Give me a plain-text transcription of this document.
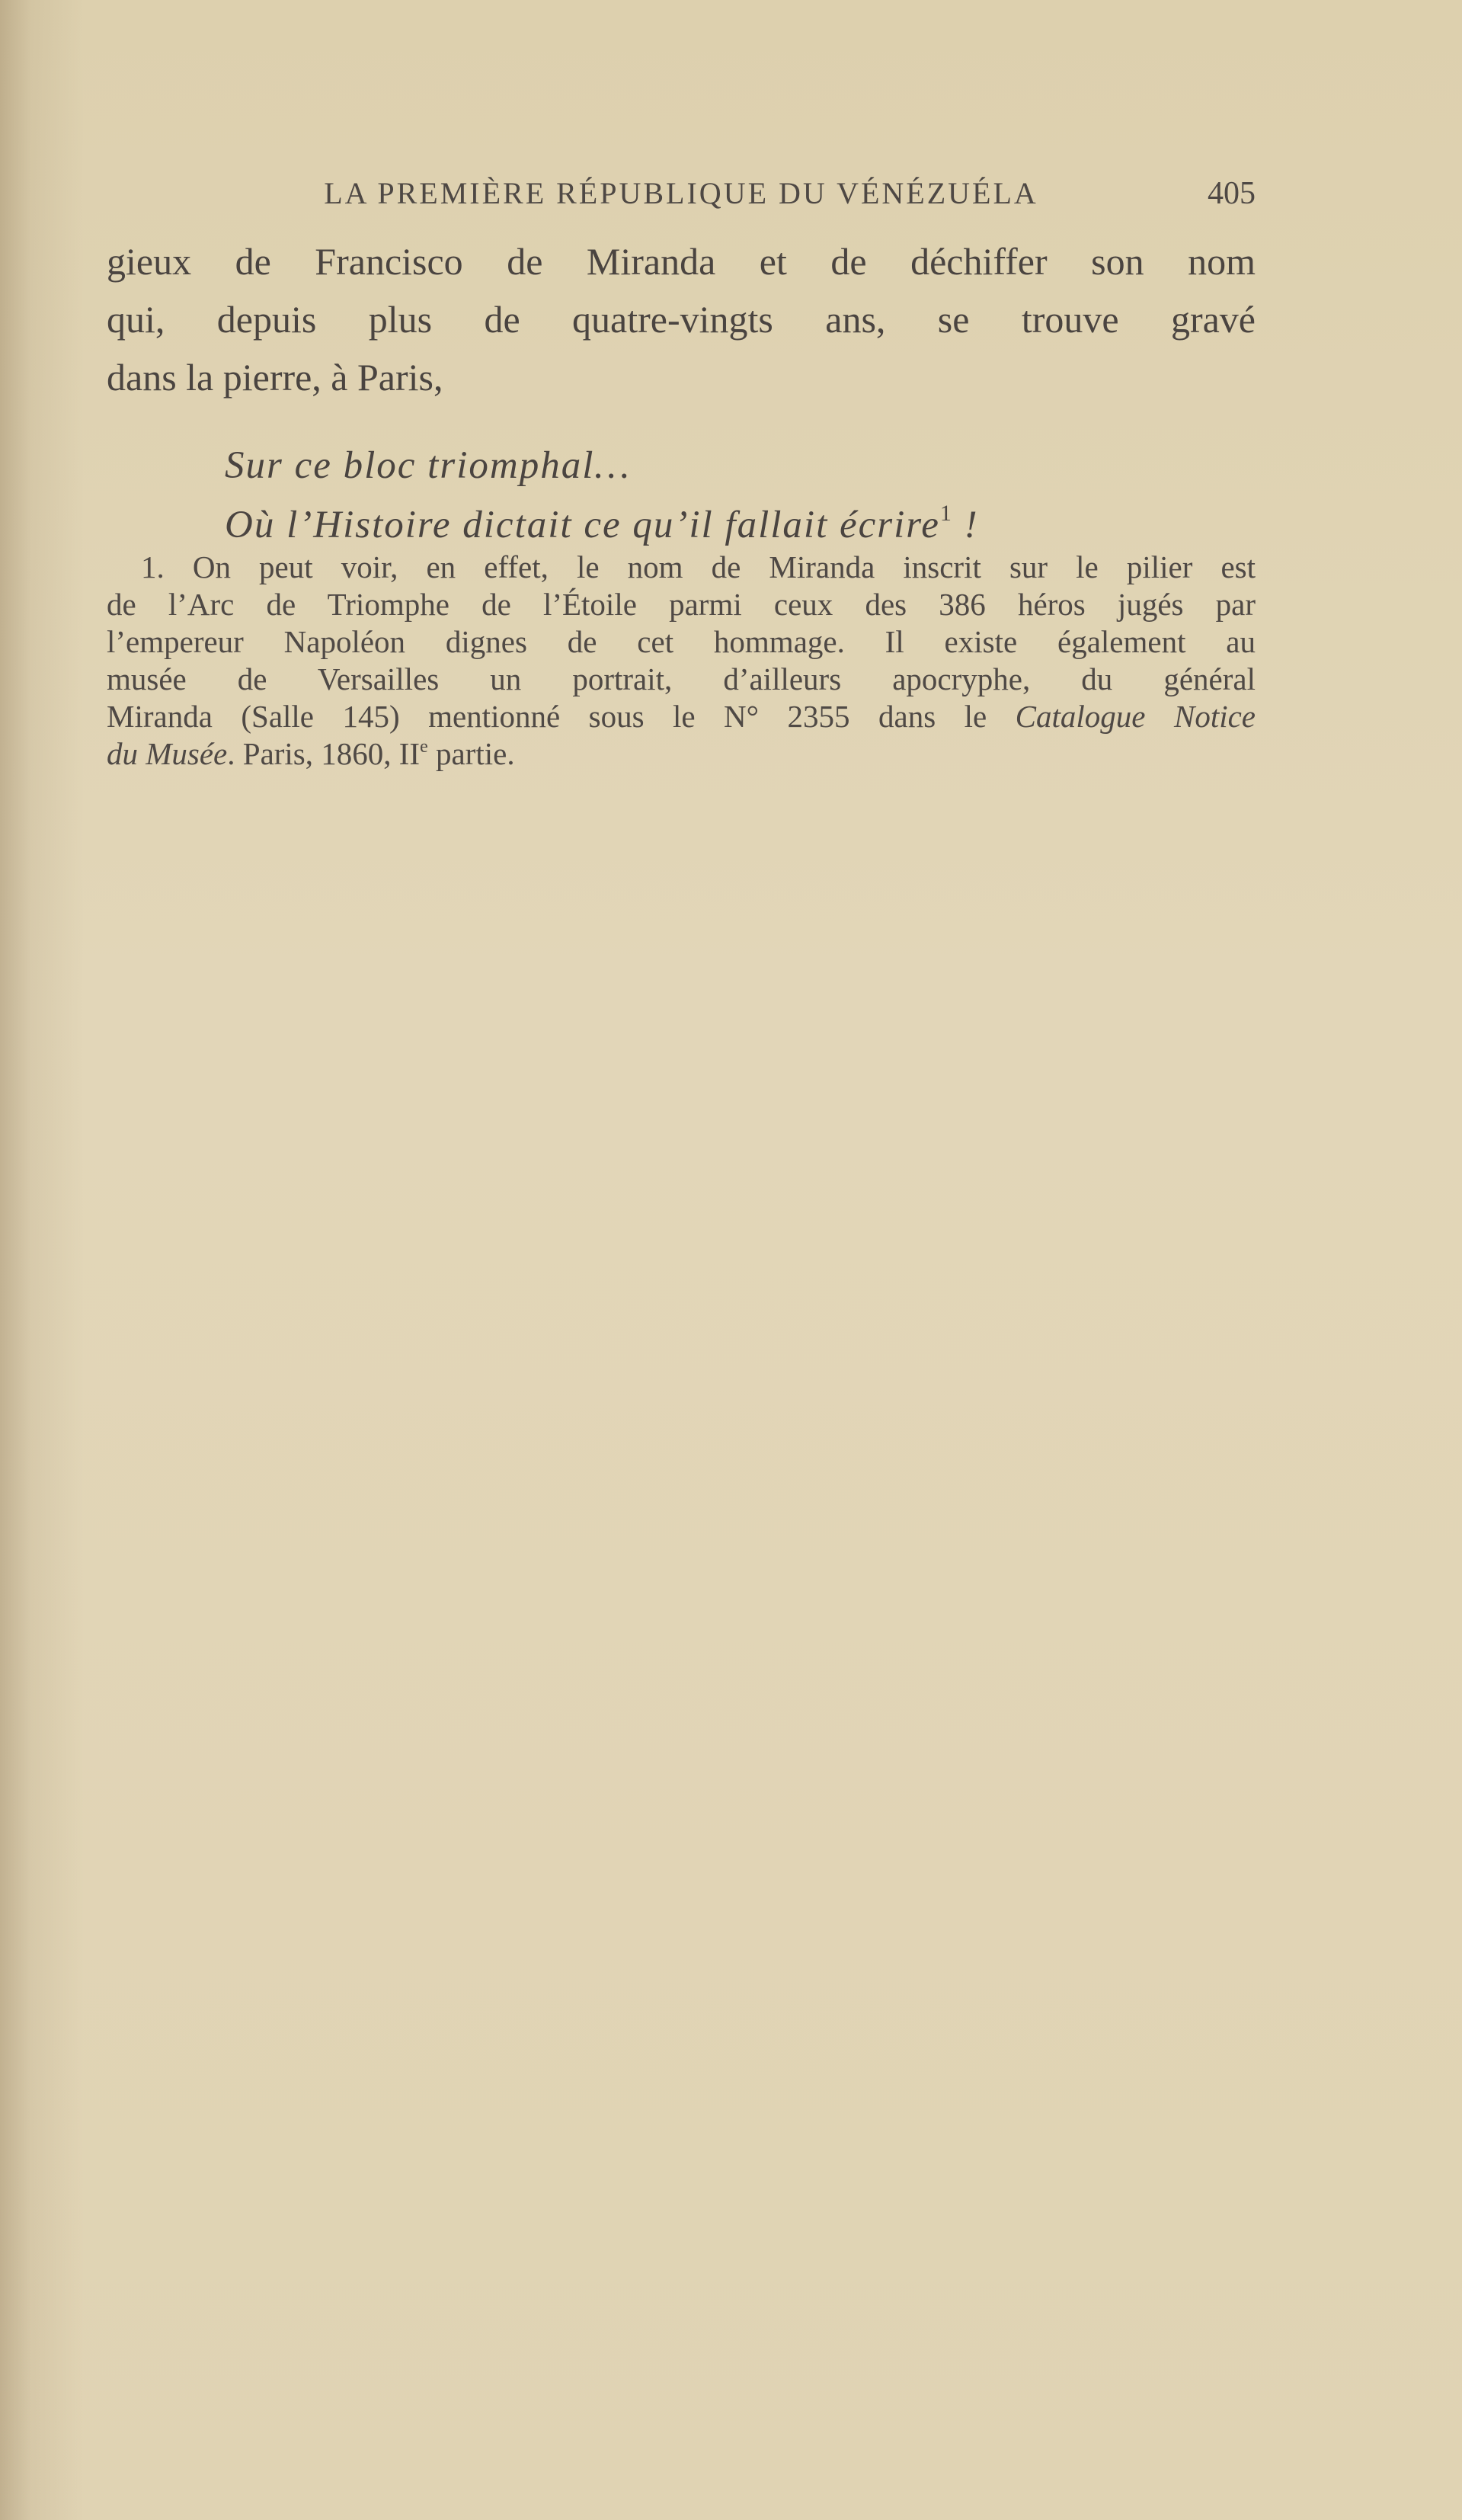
LA PREMIÈRE RÉPUBLIQUE DU VÉNÉZUÉLA	405
gieux de Francisco de Miranda et de déchiffer son nom
qui, depuis plus de quatre-vingts ans, se trouve gravé
dans la pierre, à Paris,
Sur ce bloc triomphal…
Où l’Histoire dictait ce qu’il fallait écrire$^1$ !
1. On peut voir, en effet, le nom de Miranda inscrit sur le pilier est
de l’Arc de Triomphe de l’Étoile parmi ceux des 386 héros jugés par
l’empereur Napoléon dignes de cet hommage. Il existe également au
musée de Versailles un portrait, d’ailleurs apocryphe, du général
Miranda (Salle 145) mentionné sous le N° 2355 dans le Catalogue Notice
du Musée. Paris, 1860, IIe partie.
